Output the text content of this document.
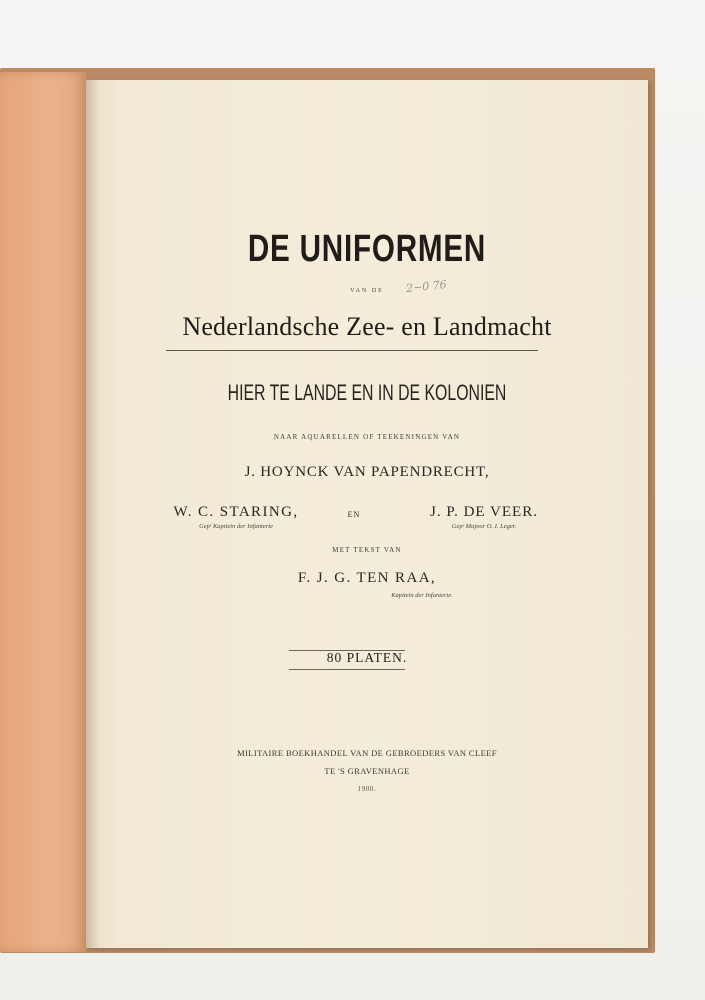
DE UNIFORMEN
VAN DE	2~0 76
Nederlandsche Zee- en Landmacht
HIER TE LANDE EN IN DE KOLONIEN
NAAR AQUARELLEN OF TEEKENINGEN VAN
J. HOYNCK VAN PAPENDRECHT,
W. C. STARING,
Gepʳ Kapitein der Infanterie
EN	J. P. DE VEER.
Gepʳ Majoor O. I. Leger.
MET TEKST VAN
F. J. G. TEN RAA,
Kapitein der Infanterie.
80 PLATEN.
MILITAIRE BOEKHANDEL VAN DE GEBROEDERS VAN CLEEF
TE 'S GRAVENHAGE
1900.
